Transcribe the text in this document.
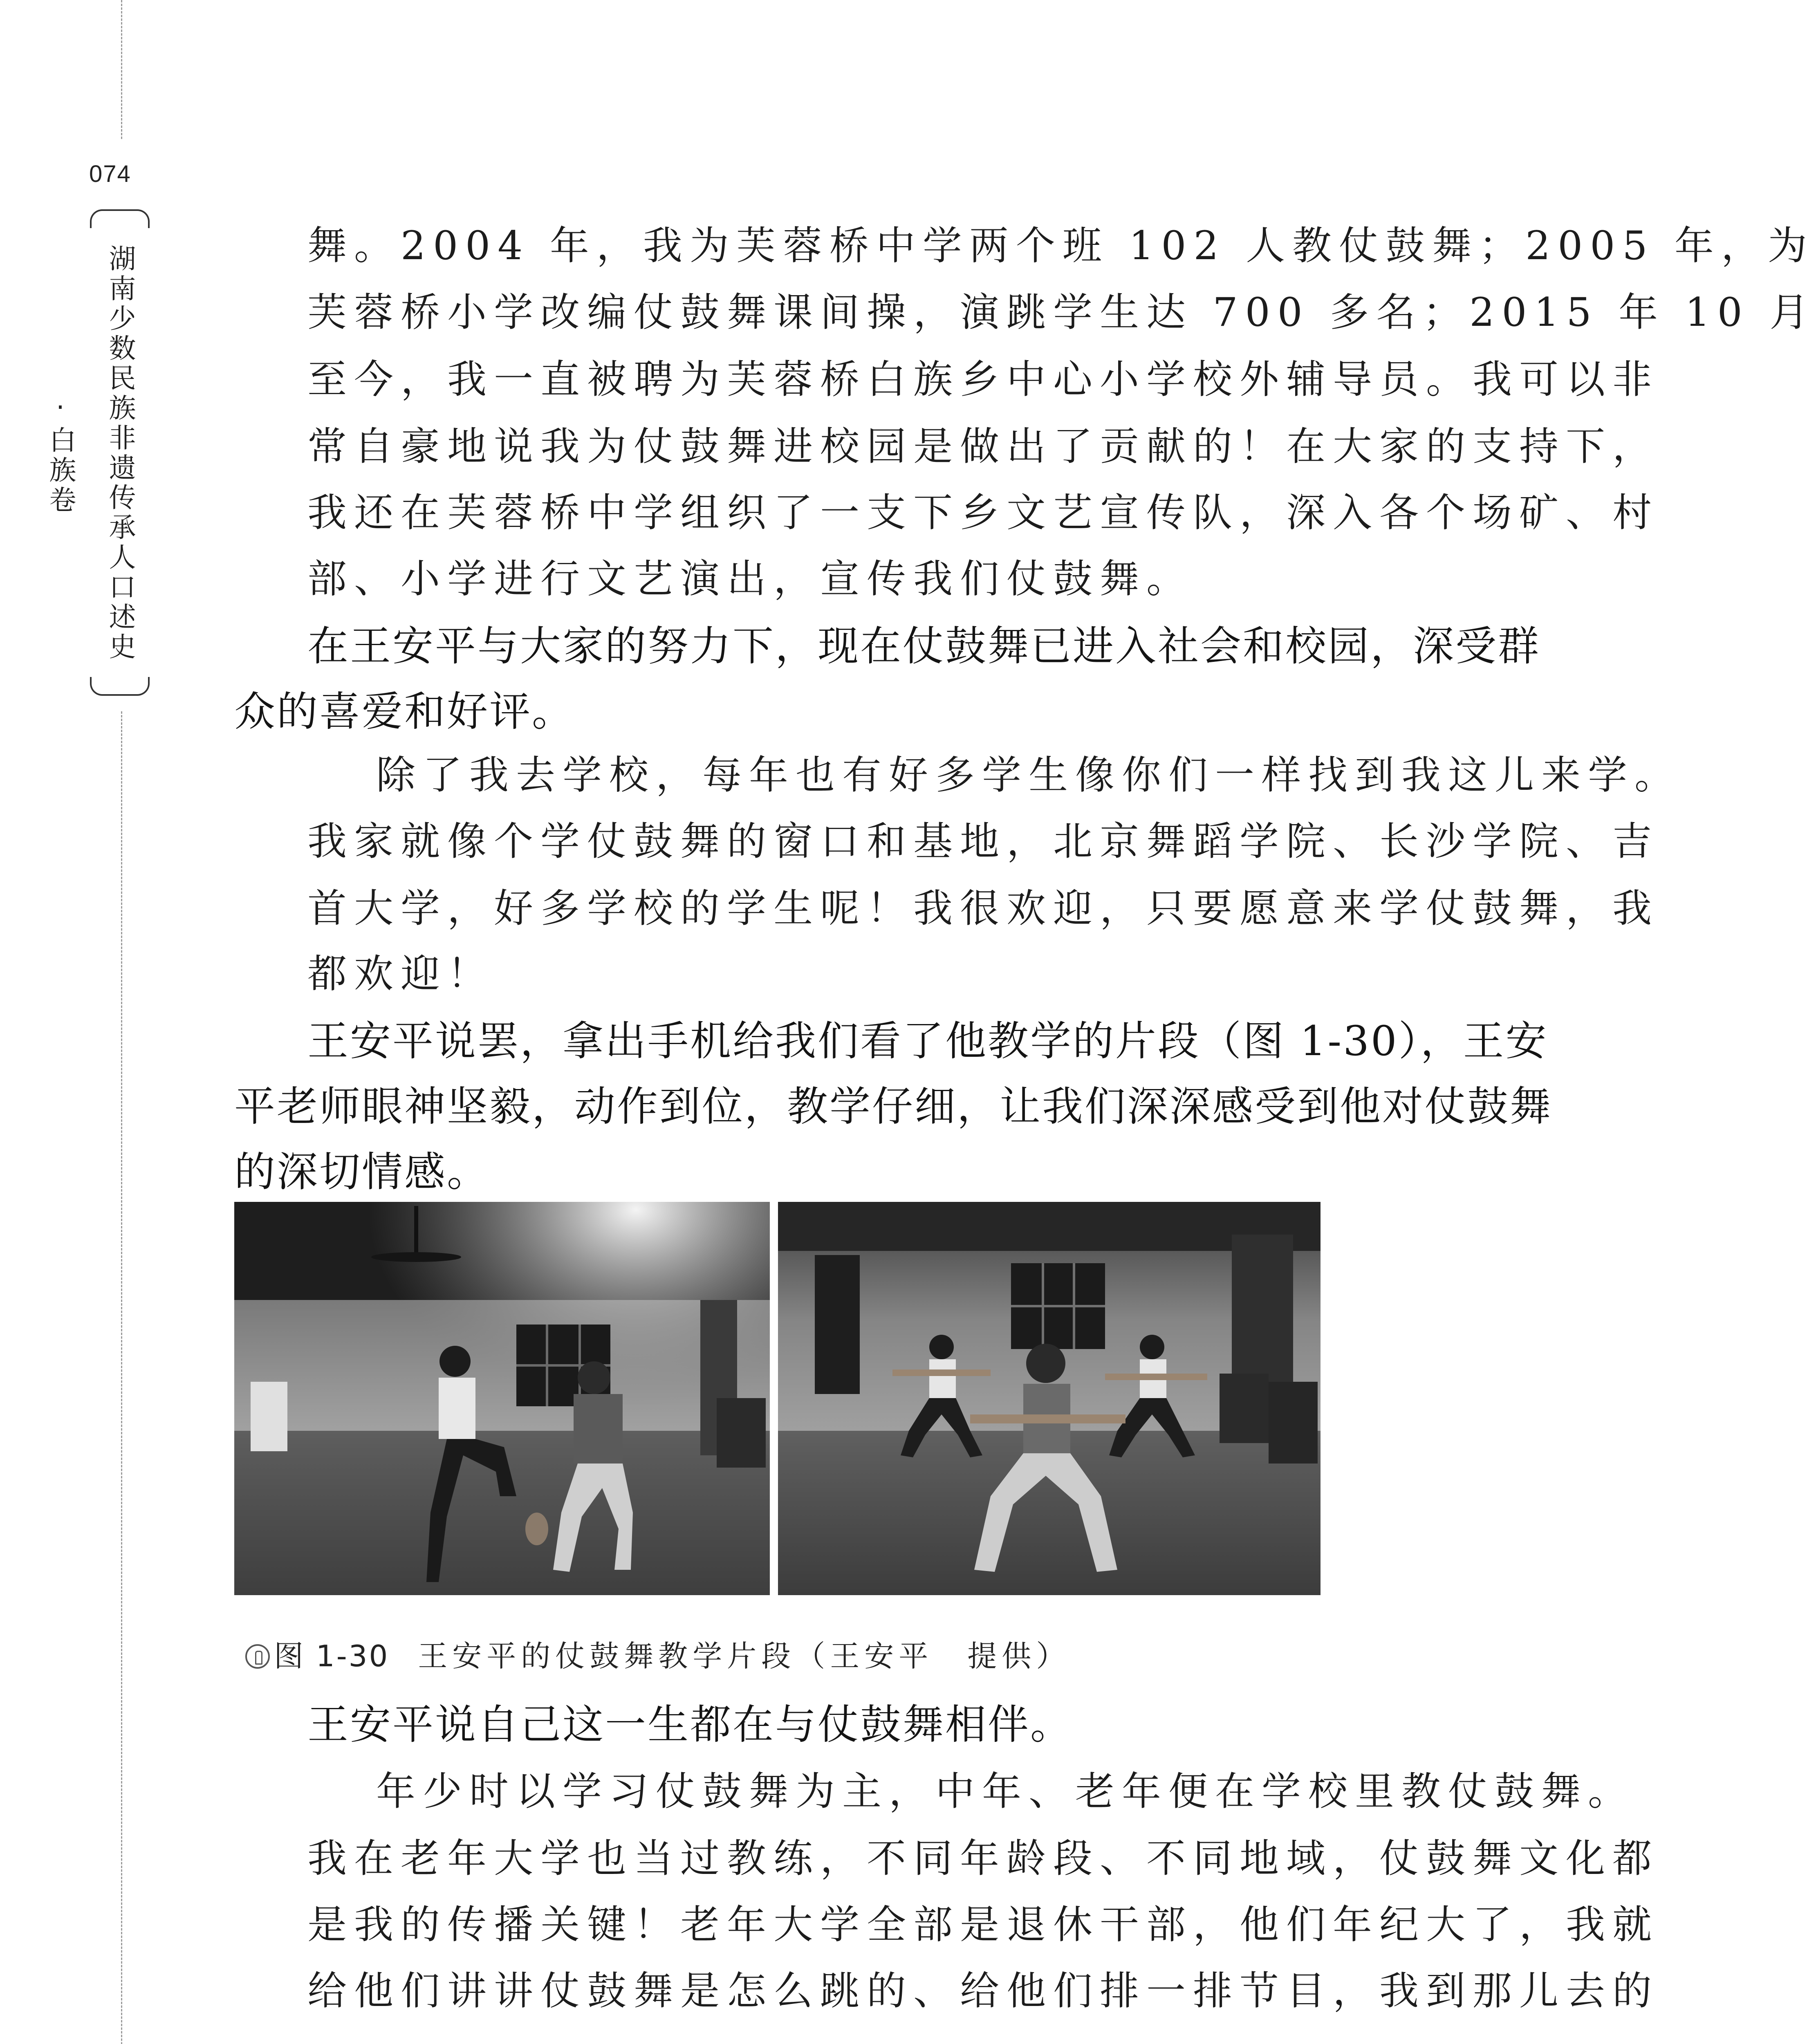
074
湖南少数民族非遗传承人口述史·白族卷
舞。2004 年，我为芙蓉桥中学两个班 102 人教仗鼓舞；2005 年，为
芙蓉桥小学改编仗鼓舞课间操，演跳学生达 700 多名；2015 年 10 月
至今，我一直被聘为芙蓉桥白族乡中心小学校外辅导员。我可以非
常自豪地说我为仗鼓舞进校园是做出了贡献的！在大家的支持下，
我还在芙蓉桥中学组织了一支下乡文艺宣传队，深入各个场矿、村
部、小学进行文艺演出，宣传我们仗鼓舞。
在王安平与大家的努力下，现在仗鼓舞已进入社会和校园，深受群
众的喜爱和好评。
除了我去学校，每年也有好多学生像你们一样找到我这儿来学。
我家就像个学仗鼓舞的窗口和基地，北京舞蹈学院、长沙学院、吉
首大学，好多学校的学生呢！我很欢迎，只要愿意来学仗鼓舞，我
都欢迎！
王安平说罢，拿出手机给我们看了他教学的片段（图 1-30），王安
平老师眼神坚毅，动作到位，教学仔细，让我们深深感受到他对仗鼓舞
的深切情感。
图 1-30 王安平的仗鼓舞教学片段（王安平　提供）
王安平说自己这一生都在与仗鼓舞相伴。
年少时以学习仗鼓舞为主，中年、老年便在学校里教仗鼓舞。
我在老年大学也当过教练，不同年龄段、不同地域，仗鼓舞文化都
是我的传播关键！老年大学全部是退休干部，他们年纪大了，我就
给他们讲讲仗鼓舞是怎么跳的、给他们排一排节目，我到那儿去的
